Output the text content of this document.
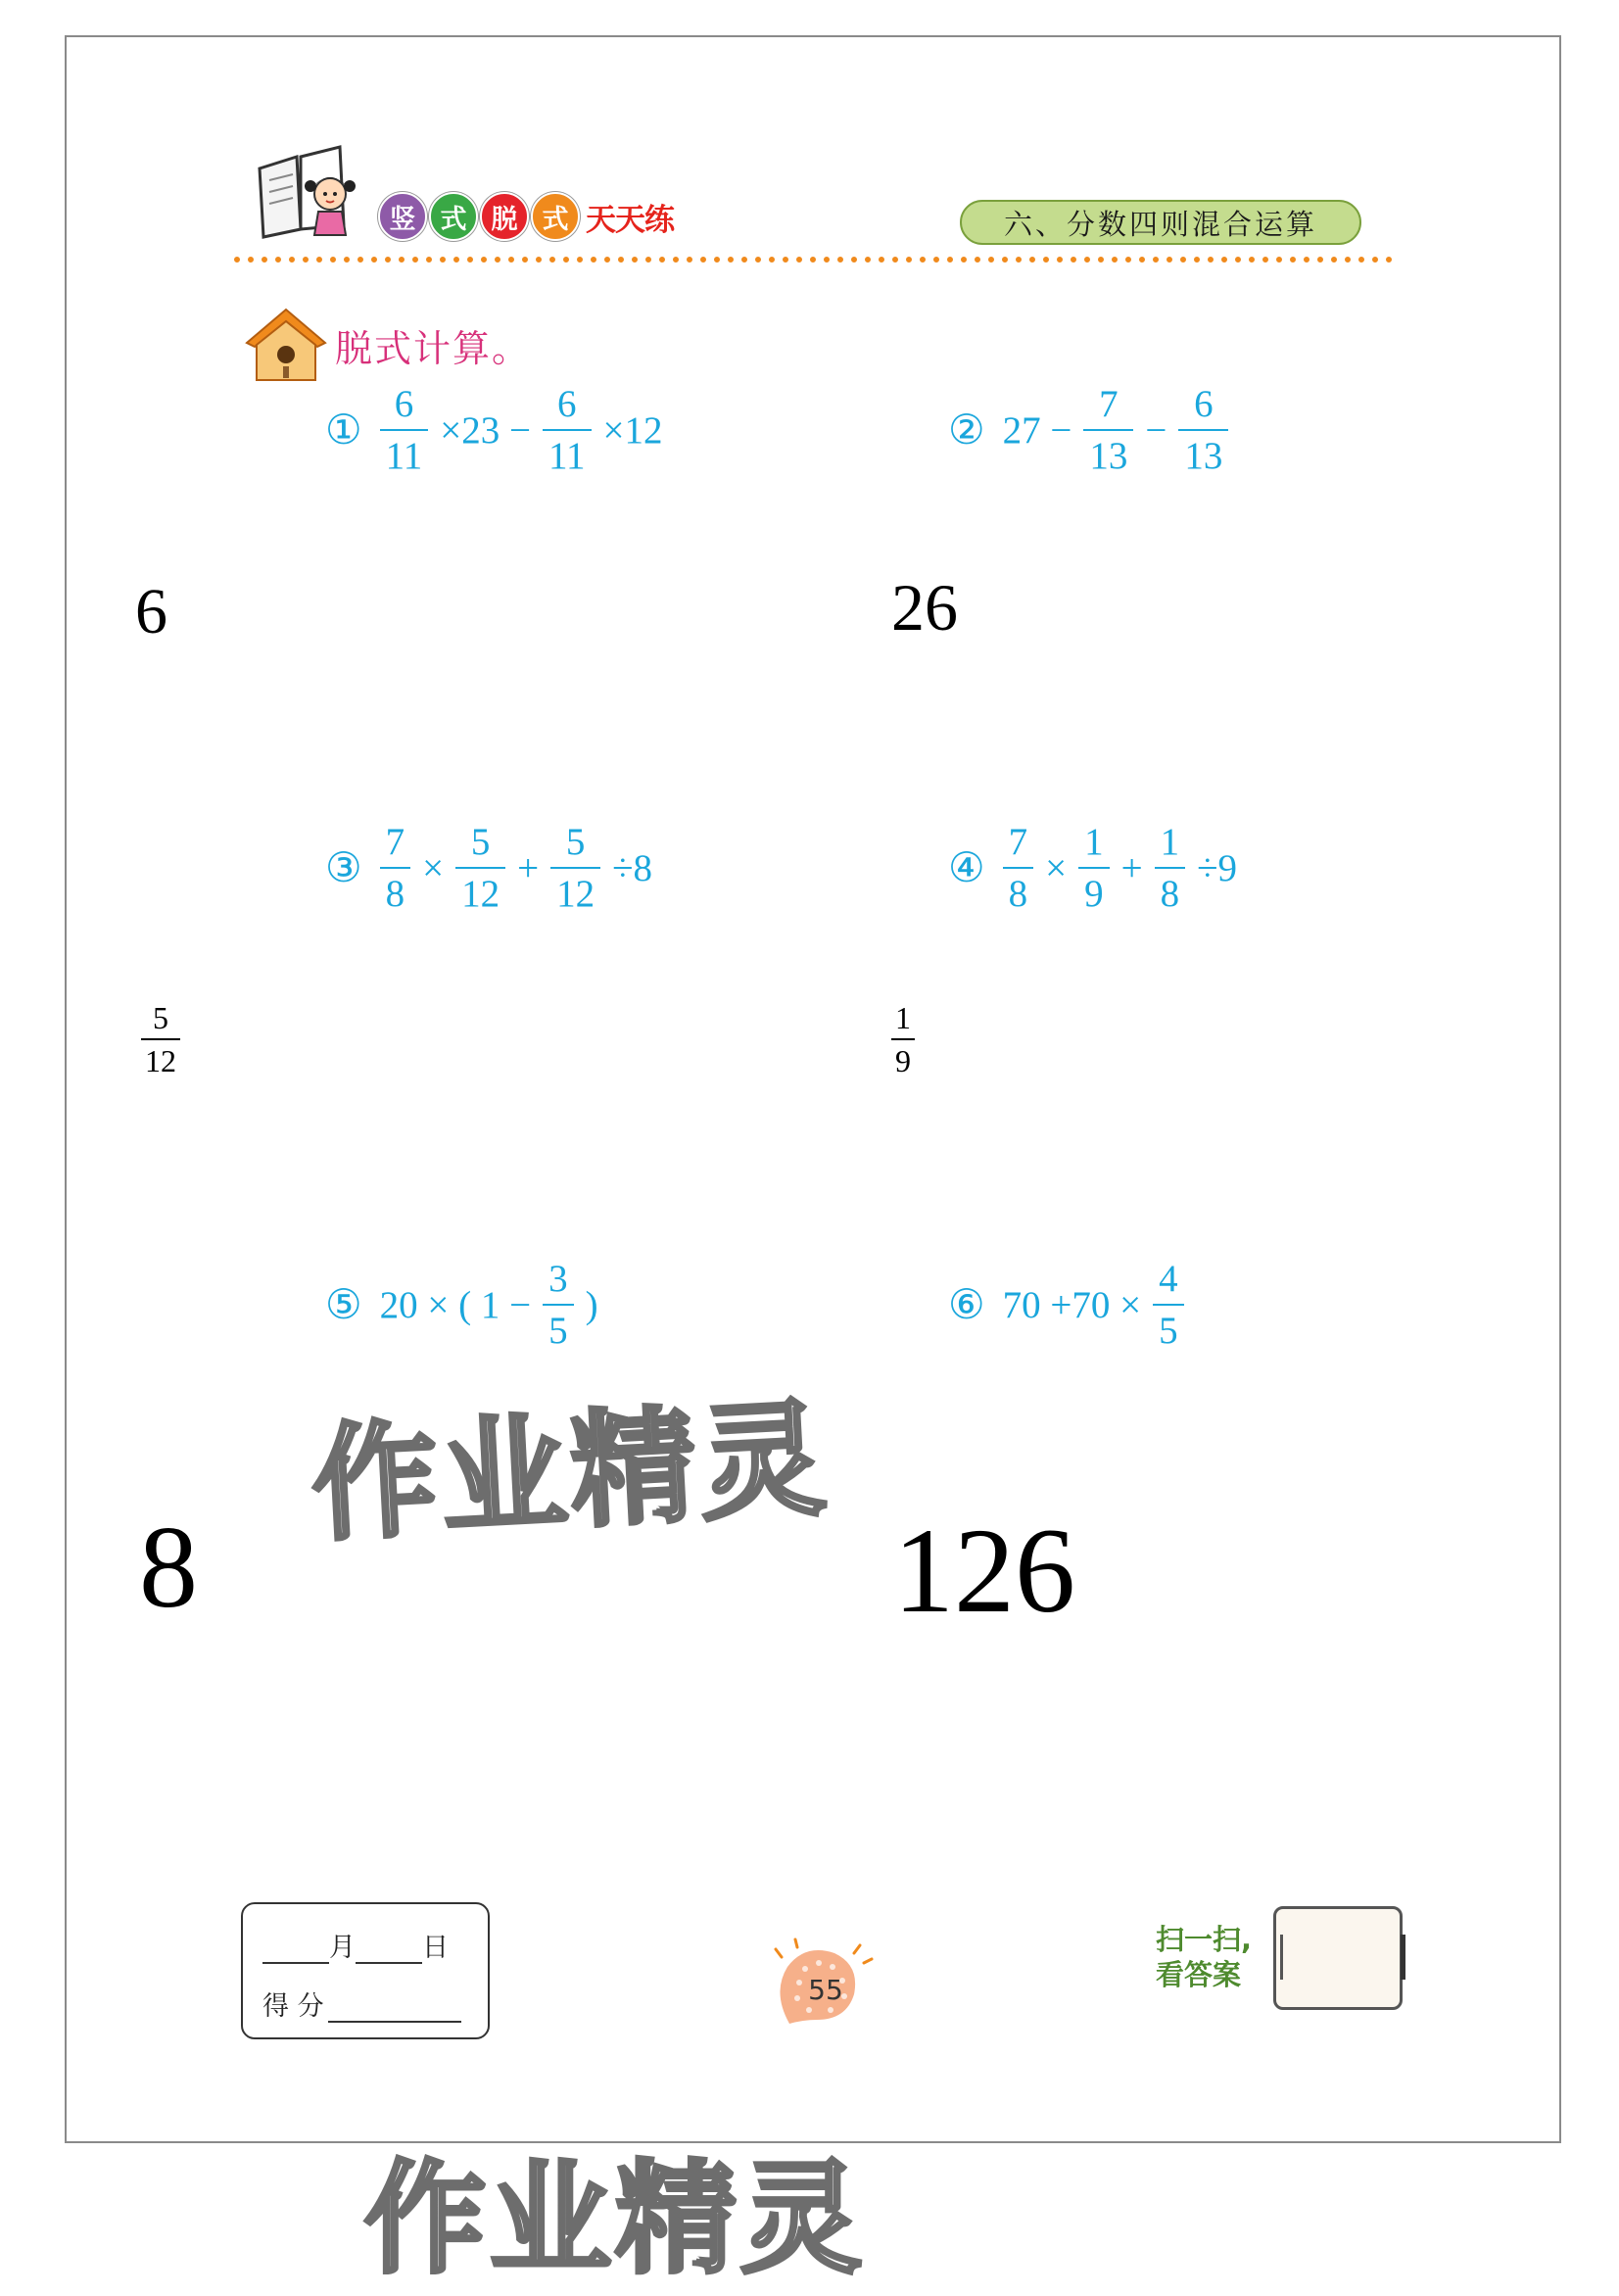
竖 式 脱 式 天天练	六、分数四则混合运算
脱式计算。
① $\frac{6}{11} \times 23 - \frac{6}{11} \times 12$	② $27 - \frac{7}{13} - \frac{6}{13}$
③ $\frac{7}{8} \times \frac{5}{12} + \frac{5}{12} \div 8$	④ $\frac{7}{8} \times \frac{1}{9} + \frac{1}{8} \div 9$
⑤ 20 × ( $1 - \frac{3}{5}$ )	⑥ $70 +70 \times \frac{4}{5}$
6	26
$\frac{5}{12}$	$\frac{1}{9}$
8	126
作业精灵
作业精灵
月	日
得 分
55
扫一扫,
看答案
